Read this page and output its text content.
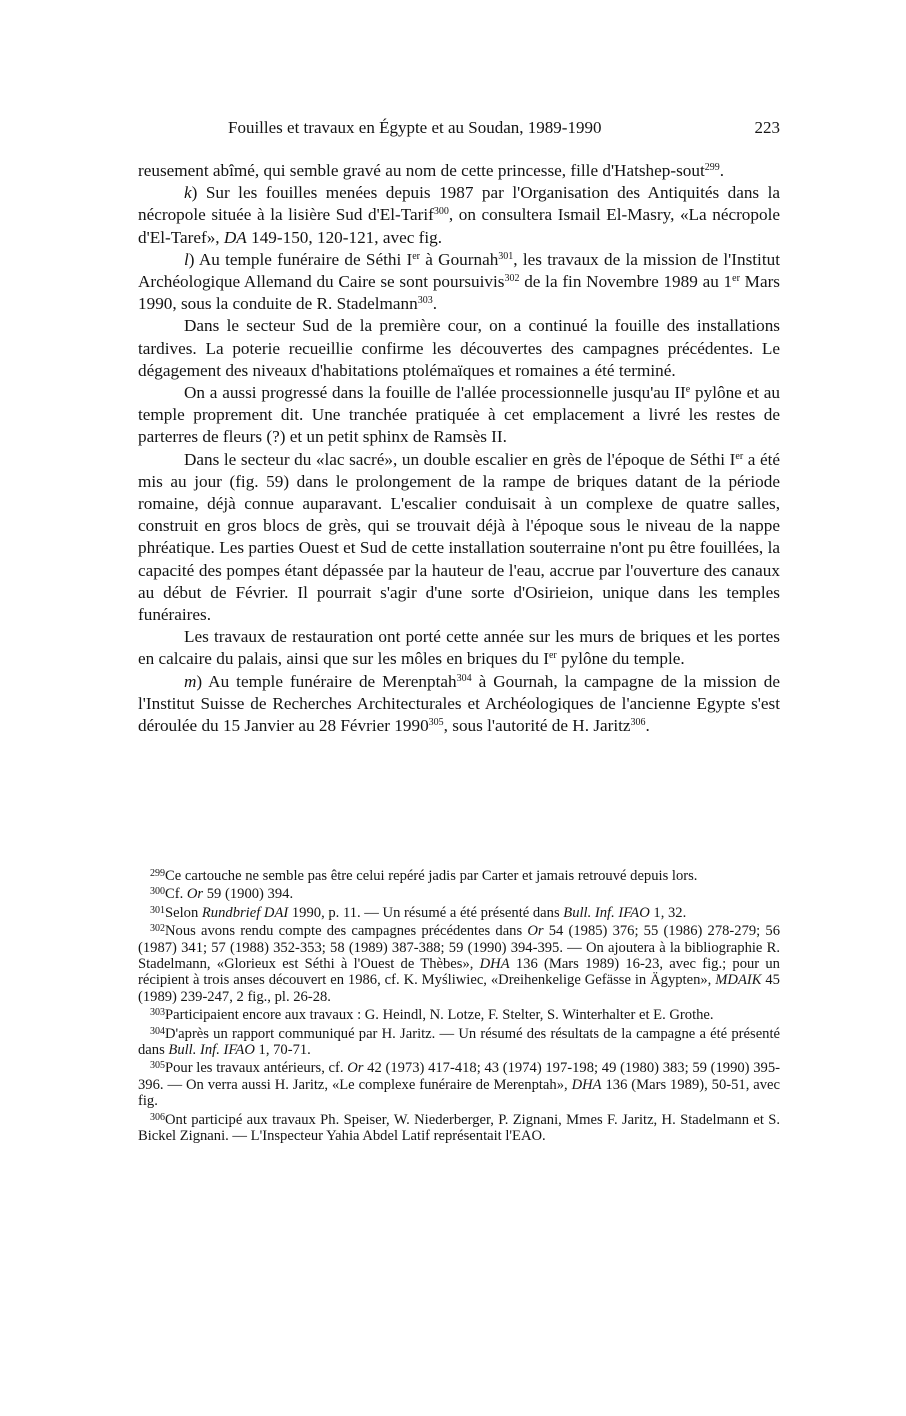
Fouilles et travaux en Égypte et au Soudan, 1989-1990	223

reusement abîmé, qui semble gravé au nom de cette princesse, fille d'Hatshep-sout$^{299}$.

k) Sur les fouilles menées depuis 1987 par l'Organisation des Antiquités dans la nécropole située à la lisière Sud d'El-Tarif$^{300}$, on consultera Ismail El-Masry, «La nécropole d'El-Taref», DA 149-150, 120-121, avec fig.

l) Au temple funéraire de Séthi Ier à Gournah$^{301}$, les travaux de la mission de l'Institut Archéologique Allemand du Caire se sont poursuivis$^{302}$ de la fin Novembre 1989 au 1er Mars 1990, sous la conduite de R. Stadelmann$^{303}$.

Dans le secteur Sud de la première cour, on a continué la fouille des installations tardives. La poterie recueillie confirme les découvertes des campagnes précédentes. Le dégagement des niveaux d'habitations ptolémaïques et romaines a été terminé.

On a aussi progressé dans la fouille de l'allée processionnelle jusqu'au IIe pylône et au temple proprement dit. Une tranchée pratiquée à cet emplacement a livré les restes de parterres de fleurs (?) et un petit sphinx de Ramsès II.

Dans le secteur du «lac sacré», un double escalier en grès de l'époque de Séthi Ier a été mis au jour (fig. 59) dans le prolongement de la rampe de briques datant de la période romaine, déjà connue auparavant. L'escalier conduisait à un complexe de quatre salles, construit en gros blocs de grès, qui se trouvait déjà à l'époque sous le niveau de la nappe phréatique. Les parties Ouest et Sud de cette installation souterraine n'ont pu être fouillées, la capacité des pompes étant dépassée par la hauteur de l'eau, accrue par l'ouverture des canaux au début de Février. Il pourrait s'agir d'une sorte d'Osirieion, unique dans les temples funéraires.

Les travaux de restauration ont porté cette année sur les murs de briques et les portes en calcaire du palais, ainsi que sur les môles en briques du Ier pylône du temple.

m) Au temple funéraire de Merenptah$^{304}$ à Gournah, la campagne de la mission de l'Institut Suisse de Recherches Architecturales et Archéologiques de l'ancienne Egypte s'est déroulée du 15 Janvier au 28 Février 1990$^{305}$, sous l'autorité de H. Jaritz$^{306}$.

$^{299}$Ce cartouche ne semble pas être celui repéré jadis par Carter et jamais retrouvé depuis lors.

$^{300}$Cf. Or 59 (1900) 394.

$^{301}$Selon Rundbrief DAI 1990, p. 11. — Un résumé a été présenté dans Bull. Inf. IFAO 1, 32.

$^{302}$Nous avons rendu compte des campagnes précédentes dans Or 54 (1985) 376; 55 (1986) 278-279; 56 (1987) 341; 57 (1988) 352-353; 58 (1989) 387-388; 59 (1990) 394-395. — On ajoutera à la bibliographie R. Stadelmann, «Glorieux est Séthi à l'Ouest de Thèbes», DHA 136 (Mars 1989) 16-23, avec fig.; pour un récipient à trois anses découvert en 1986, cf. K. Myśliwiec, «Dreihenkelige Gefässe in Ägypten», MDAIK 45 (1989) 239-247, 2 fig., pl. 26-28.

$^{303}$Participaient encore aux travaux : G. Heindl, N. Lotze, F. Stelter, S. Winterhalter et E. Grothe.

$^{304}$D'après un rapport communiqué par H. Jaritz. — Un résumé des résultats de la campagne a été présenté dans Bull. Inf. IFAO 1, 70-71.

$^{305}$Pour les travaux antérieurs, cf. Or 42 (1973) 417-418; 43 (1974) 197-198; 49 (1980) 383; 59 (1990) 395-396. — On verra aussi H. Jaritz, «Le complexe funéraire de Merenptah», DHA 136 (Mars 1989), 50-51, avec fig.

$^{306}$Ont participé aux travaux Ph. Speiser, W. Niederberger, P. Zignani, Mmes F. Jaritz, H. Stadelmann et S. Bickel Zignani. — L'Inspecteur Yahia Abdel Latif représentait l'EAO.
